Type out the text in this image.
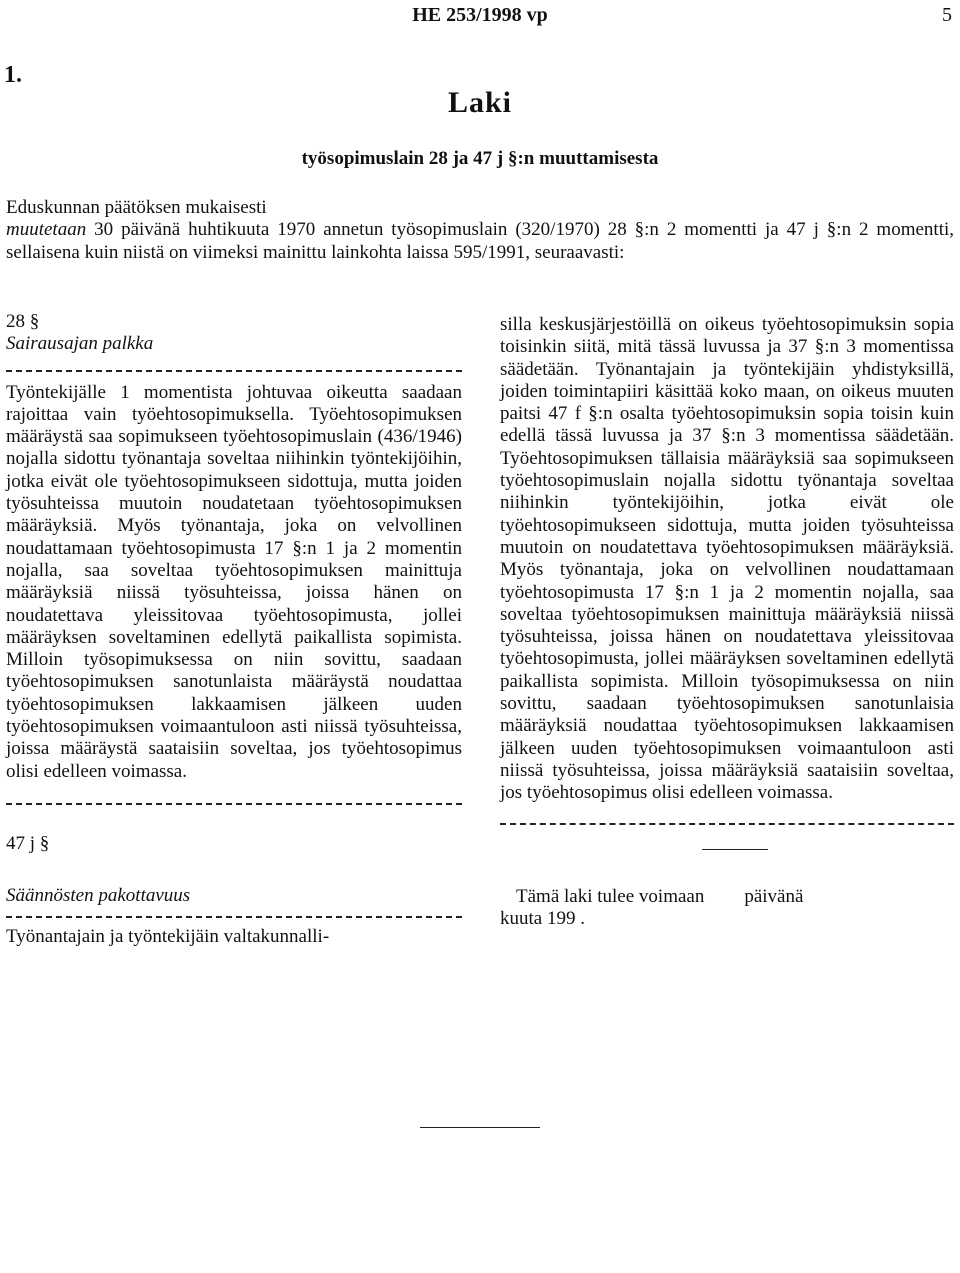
HE 253/1998 vp	5
1.
Laki
työsopimuslain 28 ja 47 j §:n muuttamisesta

Eduskunnan päätöksen mukaisesti

muutetaan 30 päivänä huhtikuuta 1970 annetun työsopimuslain (320/1970) 28 §:n 2 momentti ja 47 j §:n 2 momentti, sellaisena kuin niistä on viimeksi mainittu lainkohta laissa 595/1991, seuraavasti:

28 §

Sairausajan palkka

Työntekijälle 1 momentista johtuvaa oikeutta saadaan rajoittaa vain työehtosopimuksella. Työehtosopimuksen määräystä saa sopimukseen työehtosopimuslain (436/1946) nojalla sidottu työnantaja soveltaa niihinkin työntekijöihin, jotka eivät ole työehtosopimukseen sidottuja, mutta joiden työsuhteissa muutoin noudatetaan työehtosopimuksen määräyksiä. Myös työnantaja, joka on velvollinen noudattamaan työehtosopimusta 17 §:n 1 ja 2 momentin nojalla, saa soveltaa työehtosopimuksen mainittuja määräyksiä niissä työsuhteissa, joissa hänen on noudatettava yleissitovaa työehtosopimusta, jollei määräyksen soveltaminen edellytä paikallista sopimista. Milloin työsopimuksessa on niin sovittu, saadaan työehtosopimuksen sanotunlaista määräystä noudattaa työehtosopimuksen lakkaamisen jälkeen uuden työehtosopimuksen voimaantuloon asti niissä työsuhteissa, joissa määräystä saataisiin soveltaa, jos työehtosopimus olisi edelleen voimassa.

47 j §

Säännösten pakottavuus

Työnantajain ja työntekijäin valtakunnalli-

silla keskusjärjestöillä on oikeus työehtosopimuksin sopia toisinkin siitä, mitä tässä luvussa ja 37 §:n 3 momentissa säädetään. Työnantajain ja työntekijäin yhdistyksillä, joiden toimintapiiri käsittää koko maan, on oikeus muuten paitsi 47 f §:n osalta työehtosopimuksin sopia toisin kuin edellä tässä luvussa ja 37 §:n 3 momentissa säädetään. Työehtosopimuksen tällaisia määräyksiä saa sopimukseen työehtosopimuslain nojalla sidottu työnantaja soveltaa niihinkin työntekijöihin, jotka eivät ole työehtosopimukseen sidottuja, mutta joiden työsuhteissa muutoin on noudatettava työehtosopimuksen määräyksiä. Myös työnantaja, joka on velvollinen noudattamaan työehtosopimusta 17 §:n 1 ja 2 momentin nojalla, saa soveltaa työehtosopimuksen mainittuja määräyksiä niissä työsuhteissa, joissa hänen on noudatettava yleissitovaa työehtosopimusta, jollei määräyksen soveltaminen edellytä paikallista sopimista. Milloin työsopimuksessa on niin sovittu, saadaan työehtosopimuksen sanotunlaisia määräyksiä noudattaa työehtosopimuksen lakkaamisen jälkeen uuden työehtosopimuksen voimaantuloon asti niissä työsuhteissa, joissa määräyksiä saataisiin soveltaa, jos työehtosopimus olisi edelleen voimassa.

Tämä laki tulee voimaan päivänä

kuuta 199 .
